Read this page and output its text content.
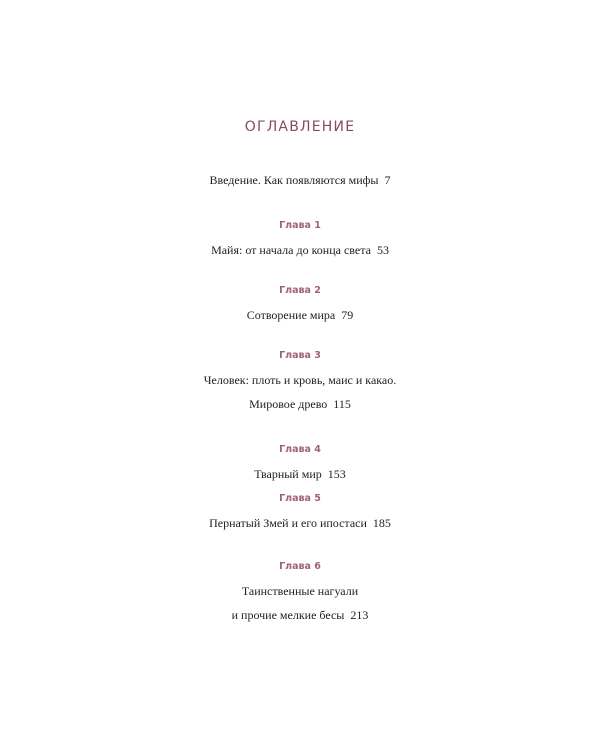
ОГЛАВЛЕНИЕ
Введение. Как появляются мифы 7
Глава 1
Майя: от начала до конца света 53
Глава 2
Сотворение мира 79
Глава 3
Человек: плоть и кровь, маис и какао.
Мировое древо 115
Глава 4
Тварный мир 153
Глава 5
Пернатый Змей и его ипостаси 185
Глава 6
Таинственные нагуали
и прочие мелкие бесы 213
